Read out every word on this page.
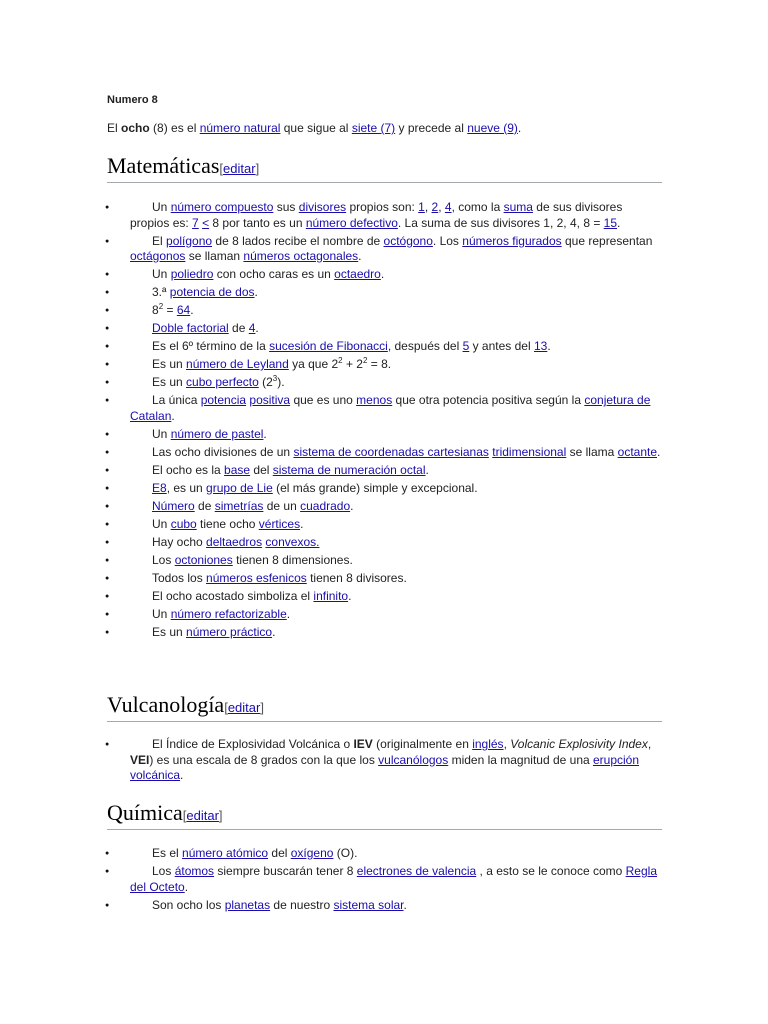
Numero 8
El ocho (8) es el número natural que sigue al siete (7) y precede al nueve (9).
Matemáticas[editar]
● Un número compuesto sus divisores propios son: 1, 2, 4, como la suma de sus divisores propios es: 7 < 8 por tanto es un número defectivo. La suma de sus divisores 1, 2, 4, 8 = 15.
● El polígono de 8 lados recibe el nombre de octógono. Los números figurados que representan octágonos se llaman números octagonales.
● Un poliedro con ocho caras es un octaedro.
● 3.ª potencia de dos.
● $8^2 = 64$.
● Doble factorial de 4.
● Es el 6º término de la sucesión de Fibonacci, después del 5 y antes del 13.
● Es un número de Leyland ya que $2^2 + 2^2 = 8$.
● Es un cubo perfecto $(2^3)$.
● La única potencia positiva que es uno menos que otra potencia positiva según la conjetura de Catalan.
● Un número de pastel.
● Las ocho divisiones de un sistema de coordenadas cartesianas tridimensional se llama octante.
● El ocho es la base del sistema de numeración octal.
● E8, es un grupo de Lie (el más grande) simple y excepcional.
● Número de simetrías de un cuadrado.
● Un cubo tiene ocho vértices.
● Hay ocho deltaedros convexos.
● Los octoniones tienen 8 dimensiones.
● Todos los números esfenicos tienen 8 divisores.
● El ocho acostado simboliza el infinito.
● Un número refactorizable.
● Es un número práctico.
Vulcanología[editar]
● El Índice de Explosividad Volcánica o IEV (originalmente en inglés, Volcanic Explosivity Index, VEI) es una escala de 8 grados con la que los vulcanólogos miden la magnitud de una erupción volcánica.
Química[editar]
● Es el número atómico del oxígeno (O).
● Los átomos siempre buscarán tener 8 electrones de valencia , a esto se le conoce como Regla del Octeto.
● Son ocho los planetas de nuestro sistema solar.
